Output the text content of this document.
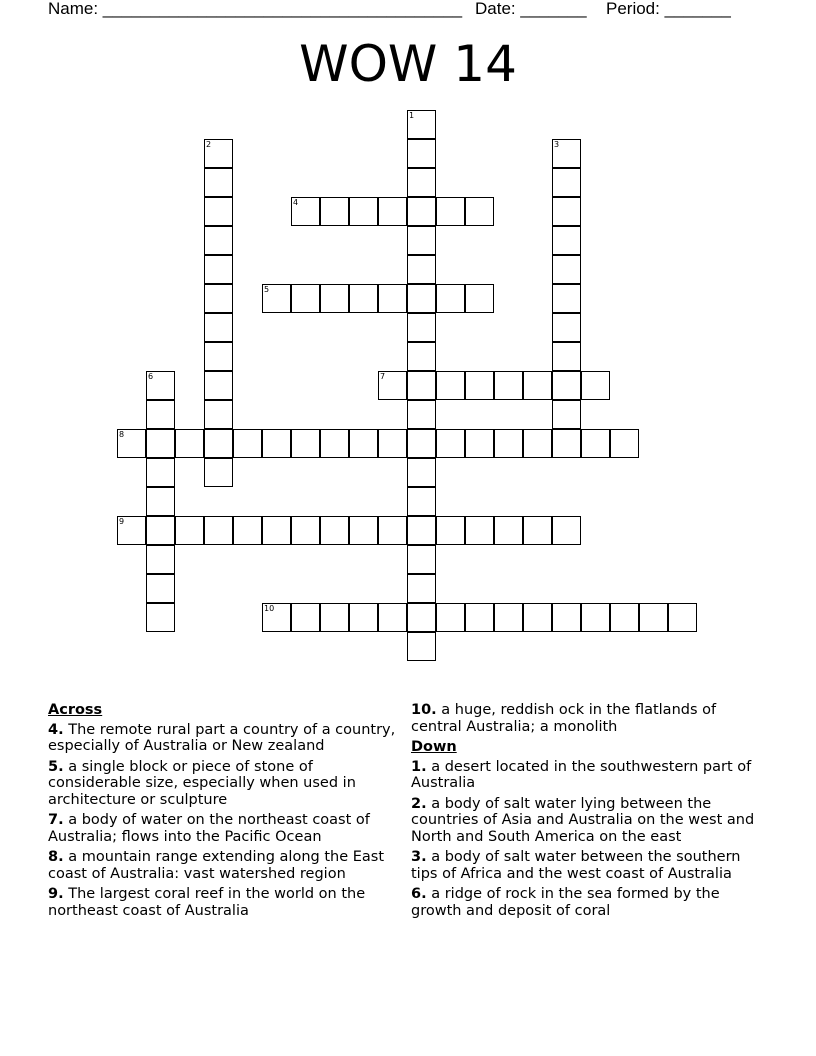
Name: ______________________________________ Date: _______ Period: _______
WOW 14
1
2	3
4
5
6	7
8
9
10
Across
4. The remote rural part a country of a country, especially of Australia or New zealand
5. a single block or piece of stone of considerable size, especially when used in architecture or sculpture
7. a body of water on the northeast coast of Australia; flows into the Pacific Ocean
8. a mountain range extending along the East coast of Australia: vast watershed region
9. The largest coral reef in the world on the northeast coast of Australia
10. a huge, reddish ock in the flatlands of central Australia; a monolith
Down
1. a desert located in the southwestern part of Australia
2. a body of salt water lying between the countries of Asia and Australia on the west and North and South America on the east
3. a body of salt water between the southern tips of Africa and the west coast of Australia
6. a ridge of rock in the sea formed by the growth and deposit of coral
